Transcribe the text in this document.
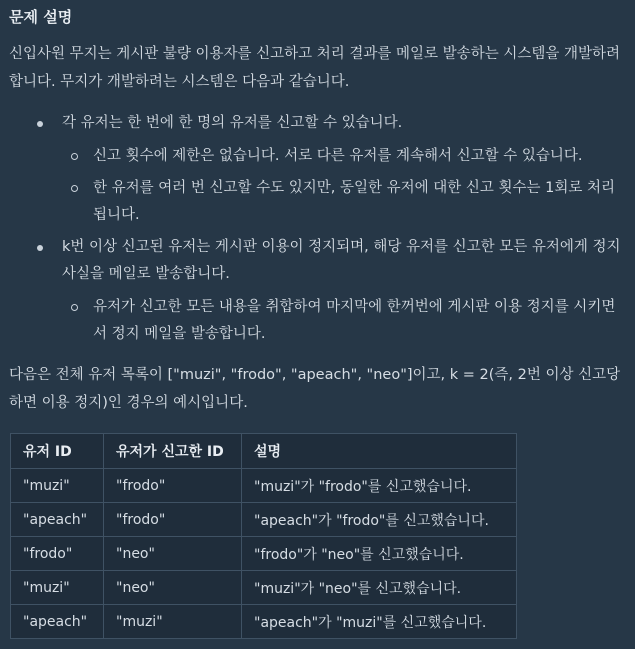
문제 설명

신입사원 무지는 게시판 불량 이용자를 신고하고 처리 결과를 메일로 발송하는 시스템을 개발하려 합니다. 무지가 개발하려는 시스템은 다음과 같습니다.

각 유저는 한 번에 한 명의 유저를 신고할 수 있습니다.
신고 횟수에 제한은 없습니다. 서로 다른 유저를 계속해서 신고할 수 있습니다.
한 유저를 여러 번 신고할 수도 있지만, 동일한 유저에 대한 신고 횟수는 1회로 처리됩니다.
k번 이상 신고된 유저는 게시판 이용이 정지되며, 해당 유저를 신고한 모든 유저에게 정지 사실을 메일로 발송합니다.
유저가 신고한 모든 내용을 취합하여 마지막에 한꺼번에 게시판 이용 정지를 시키면서 정지 메일을 발송합니다.

다음은 전체 유저 목록이 ["muzi", "frodo", "apeach", "neo"]이고, k = 2(즉, 2번 이상 신고당하면 이용 정지)인 경우의 예시입니다.

유저 ID	유저가 신고한 ID	설명
"muzi"	"frodo"	"muzi"가 "frodo"를 신고했습니다.
"apeach"	"frodo"	"apeach"가 "frodo"를 신고했습니다.
"frodo"	"neo"	"frodo"가 "neo"를 신고했습니다.
"muzi"	"neo"	"muzi"가 "neo"를 신고했습니다.
"apeach"	"muzi"	"apeach"가 "muzi"를 신고했습니다.
